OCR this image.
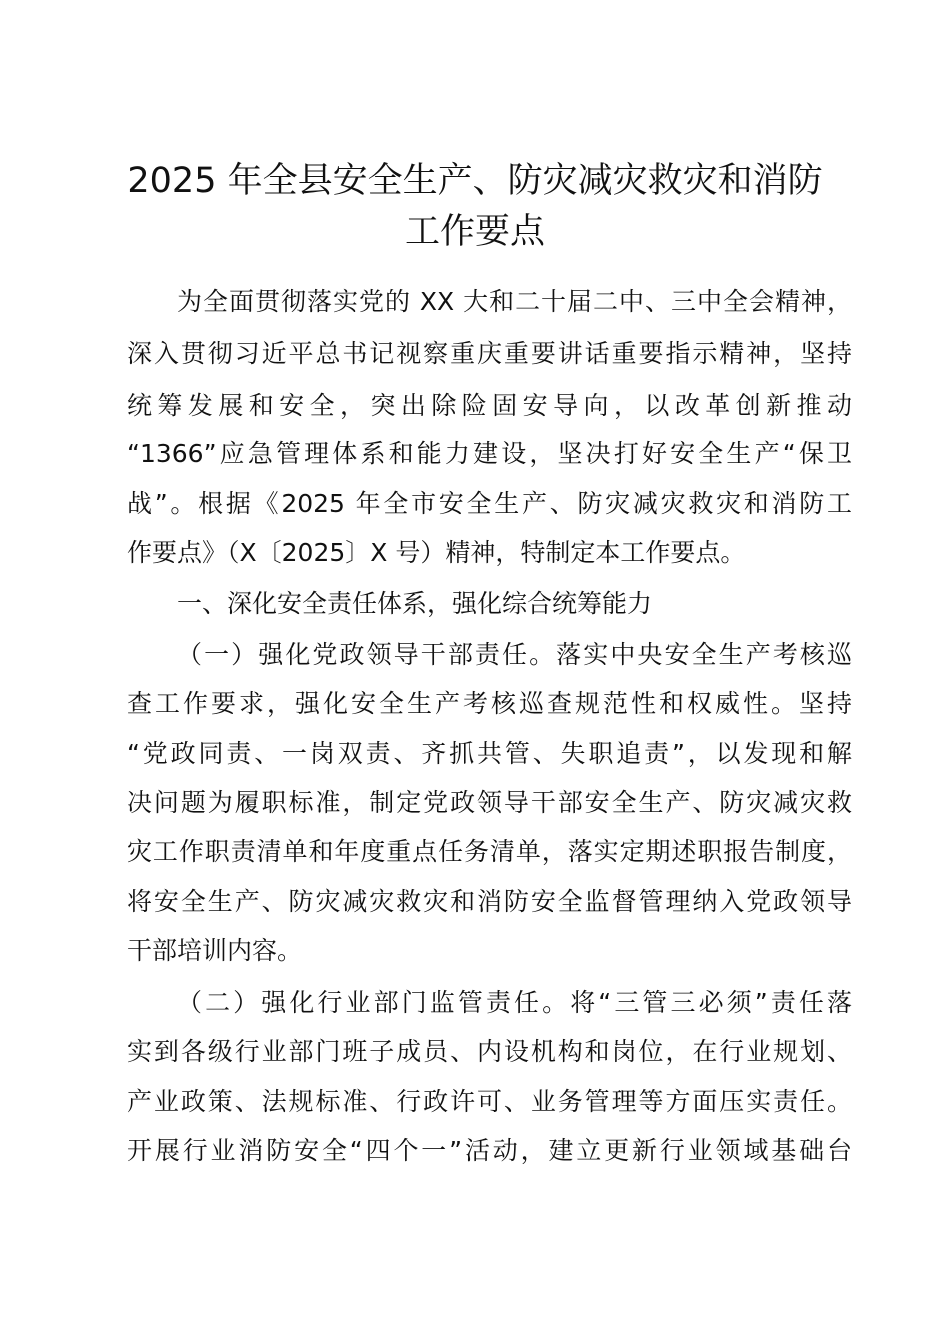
2025 年全县安全生产、防灾减灾救灾和消防
工作要点
为全面贯彻落实党的 XX 大和二十届二中、三中全会精神，
深入贯彻习近平总书记视察重庆重要讲话重要指示精神，坚持
统筹发展和安全，突出除险固安导向，以改革创新推动
“1366”应急管理体系和能力建设，坚决打好安全生产“保卫
战”。根据《2025 年全市安全生产、防灾减灾救灾和消防工
作要点》（X〔2025〕X 号）精神，特制定本工作要点。
一、深化安全责任体系，强化综合统筹能力
（一）强化党政领导干部责任。落实中央安全生产考核巡
查工作要求，强化安全生产考核巡查规范性和权威性。坚持
“党政同责、一岗双责、齐抓共管、失职追责”，以发现和解
决问题为履职标准，制定党政领导干部安全生产、防灾减灾救
灾工作职责清单和年度重点任务清单，落实定期述职报告制度，
将安全生产、防灾减灾救灾和消防安全监督管理纳入党政领导
干部培训内容。
（二）强化行业部门监管责任。将“三管三必须”责任落
实到各级行业部门班子成员、内设机构和岗位，在行业规划、
产业政策、法规标准、行政许可、业务管理等方面压实责任。
开展行业消防安全“四个一”活动，建立更新行业领域基础台
